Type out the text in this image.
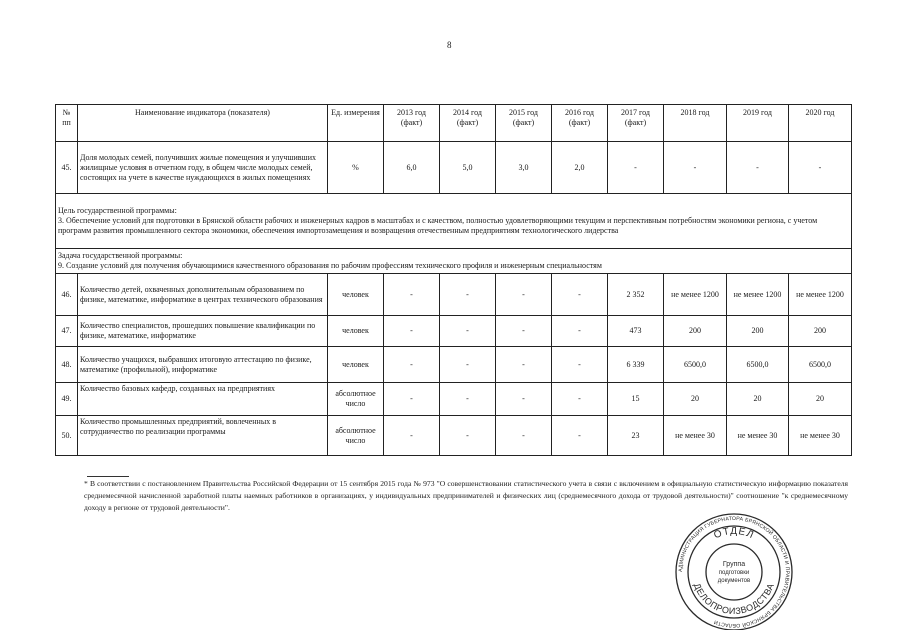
8
№ пп	Наименование индикатора (показателя)	Ед. измерения	2013 год (факт)	2014 год (факт)	2015 год (факт)	2016 год (факт)	2017 год (факт)	2018 год	2019 год	2020 год
45.	Доля молодых семей, получивших жилые помещения и улучшивших жилищные условия в отчетном году, в общем числе молодых семей, состоящих на учете в качестве нуждающихся в жилых помещениях	%	6,0	5,0	3,0	2,0	-	-	-	-

Цель государственной программы:
3. Обеспечение условий для подготовки в Брянской области рабочих и инженерных кадров в масштабах и с качеством, полностью удовлетворяющими текущим и перспективным потребностям экономики региона, с учетом программ развития промышленного сектора экономики, обеспечения импортозамещения и возвращения отечественным предприятиям технологического лидерства										

Задача государственной программы:
9. Создание условий для получения обучающимися качественного образования по рабочим профессиям технического профиля и инженерным специальностям										

46.	Количество детей, охваченных дополнительным образованием по физике, математике, информатике в центрах технического образования	человек	-	-	-	-	2 352	не менее 1200	не менее 1200	не менее 1200
47.	Количество специалистов, прошедших повышение квалификации по физике, математике, информатике	человек	-	-	-	-	473	200	200	200
48.	Количество учащихся, выбравших итоговую аттестацию по физике, математике (профильной), информатике	человек	-	-	-	-	6 339	6500,0	6500,0	6500,0
49.	Количество базовых кафедр, созданных на предприятиях	абсолютное число	-	-	-	-	15	20	20	20
50.	Количество промышленных предприятий, вовлеченных в сотрудничество по реализации программы	абсолютное число	-	-	-	-	23	не менее 30	не менее 30	не менее 30
* В соответствии с постановлением Правительства Российской Федерации от 15 сентября 2015 года № 973 "О совершенствовании статистического учета в связи с включением в официальную статистическую информацию показателя среднемесячной начисленной заработной платы наемных работников в организациях, у индивидуальных предпринимателей и физических лиц (среднемесячного дохода от трудовой деятельности)" соотношение "к среднемесячному доходу в регионе от трудовой деятельности".
АДМИНИСТРАЦИЯ ГУБЕРНАТОРА БРЯНСКОЙ ОБЛАСТИ И ПРАВИТЕЛЬСТВА БРЯНСКОЙ ОБЛАСТИ
ОТДЕЛ
ДЕЛОПРОИЗВОДСТВА
Группа
подготовки
документов
